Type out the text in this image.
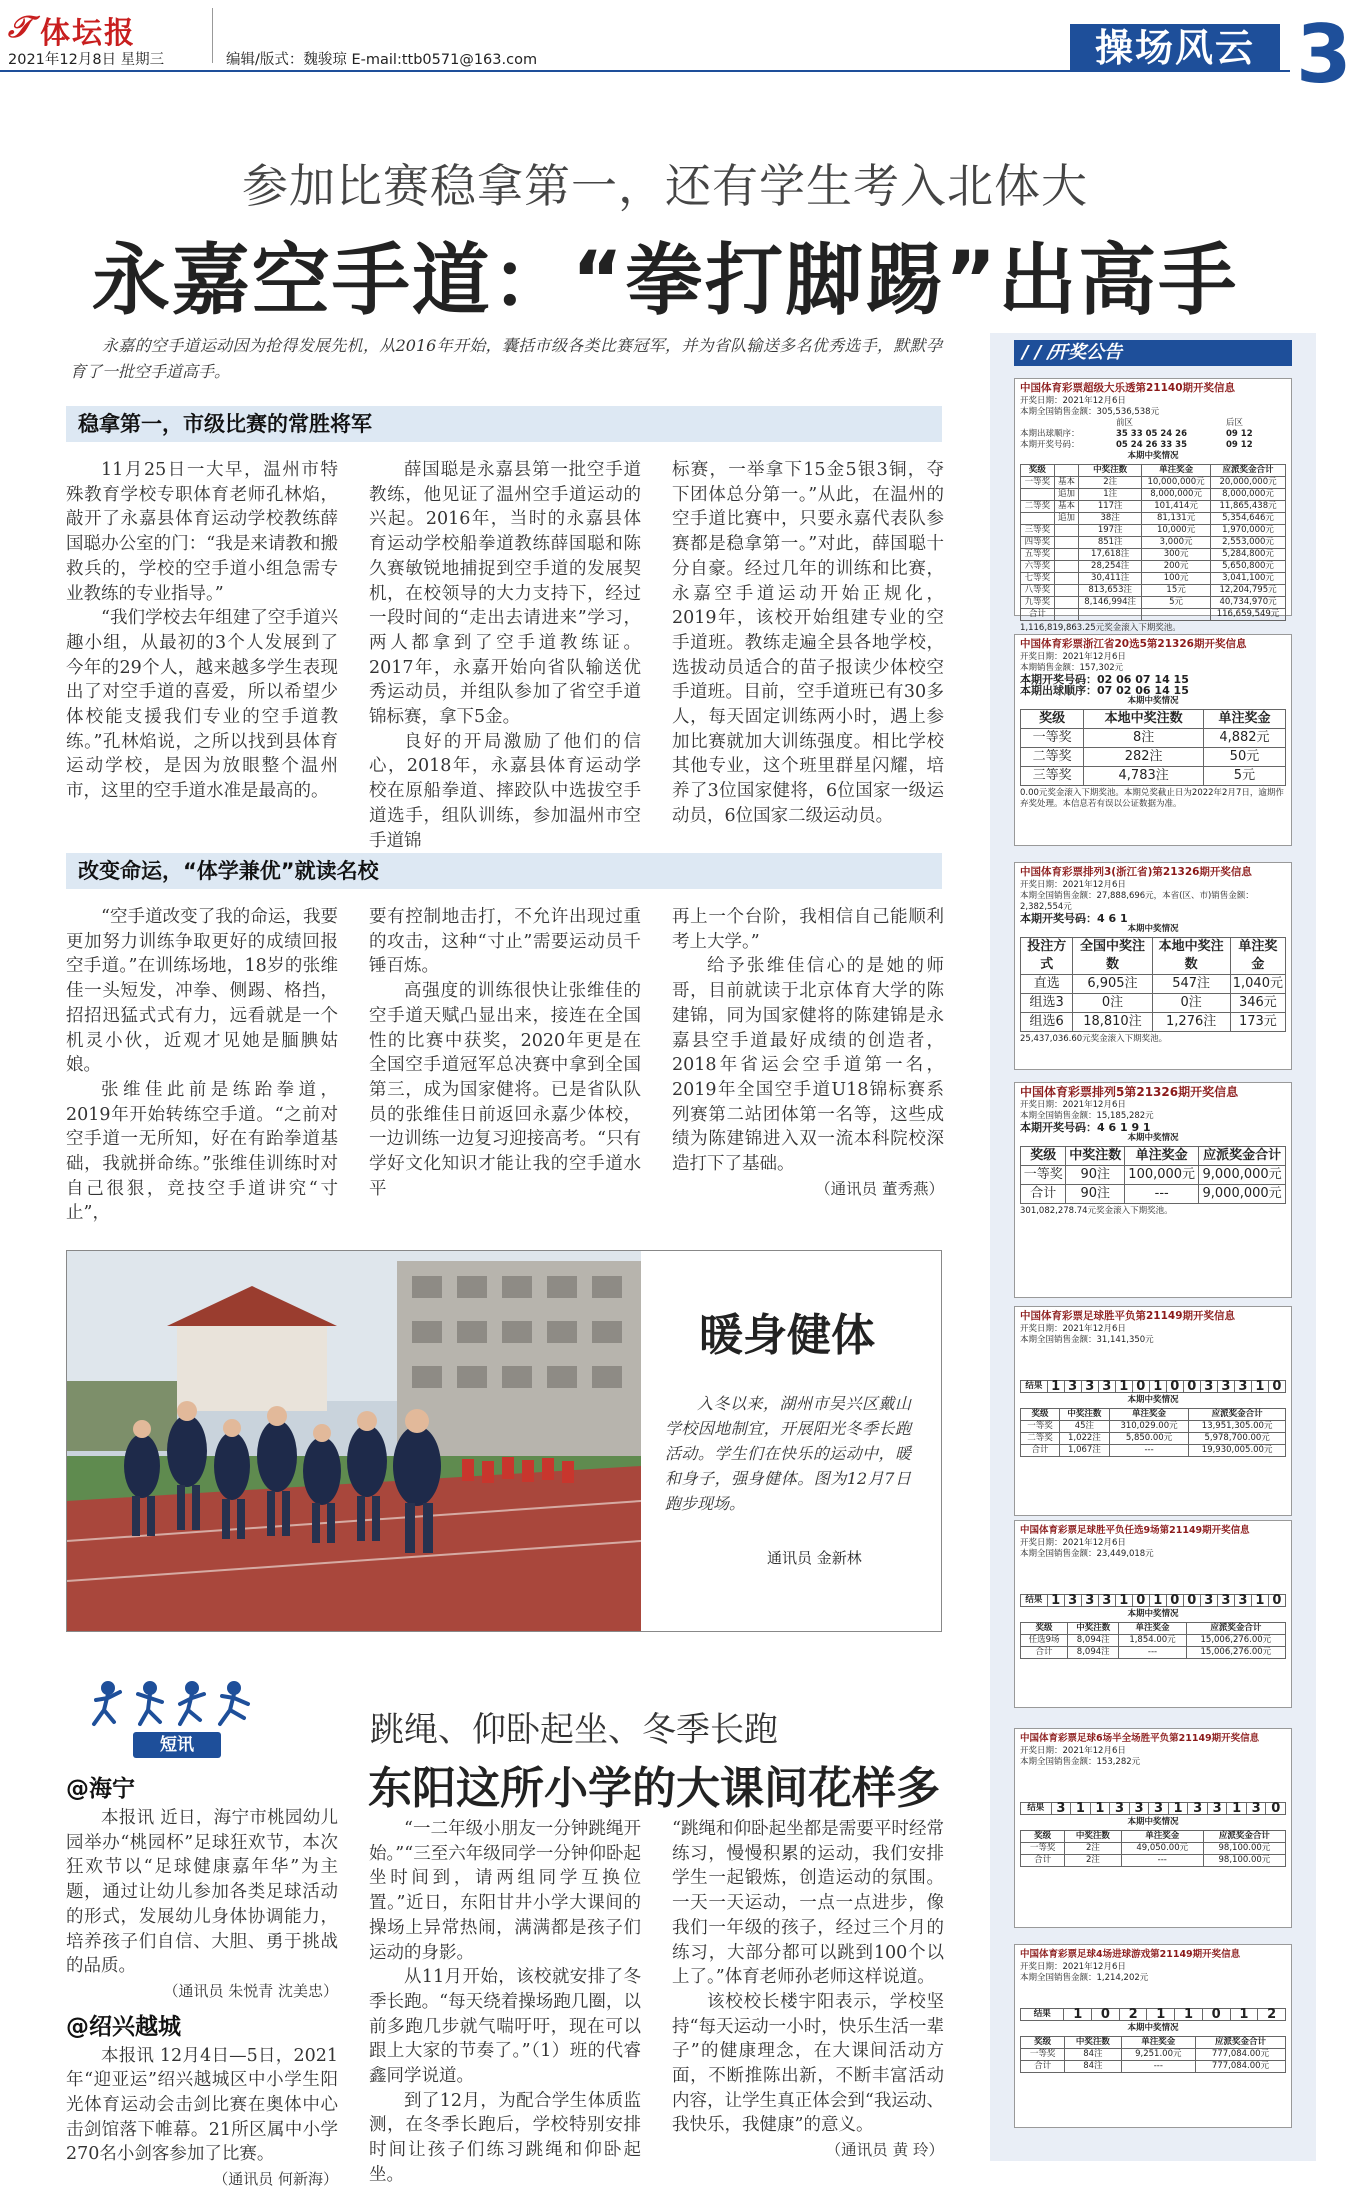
𝒯 体坛报
2021年12月8日 星期三	编辑/版式：魏骏琼 E-mail:ttb0571@163.com	操场风云 3
参加比赛稳拿第一，还有学生考入北体大
永嘉空手道：“拳打脚踢”出高手

永嘉的空手道运动因为抢得发展先机，从2016年开始，囊括市级各类比赛冠军，并为省队输送多名优秀选手，默默孕育了一批空手道高手。

稳拿第一，市级比赛的常胜将军

11月25日一大早，温州市特殊教育学校专职体育老师孔林焰，敲开了永嘉县体育运动学校教练薛国聪办公室的门：“我是来请教和搬救兵的，学校的空手道小组急需专业教练的专业指导。”

“我们学校去年组建了空手道兴趣小组，从最初的3个人发展到了今年的29个人，越来越多学生表现出了对空手道的喜爱，所以希望少体校能支援我们专业的空手道教练。”孔林焰说，之所以找到县体育运动学校，是因为放眼整个温州市，这里的空手道水准是最高的。

薛国聪是永嘉县第一批空手道教练，他见证了温州空手道运动的兴起。2016年，当时的永嘉县体育运动学校船拳道教练薛国聪和陈久赛敏锐地捕捉到空手道的发展契机，在校领导的大力支持下，经过一段时间的“走出去请进来”学习，两人都拿到了空手道教练证。2017年，永嘉开始向省队输送优秀运动员，并组队参加了省空手道锦标赛，拿下5金。

良好的开局激励了他们的信心，2018年，永嘉县体育运动学校在原船拳道、摔跤队中选拔空手道选手，组队训练，参加温州市空手道锦

标赛，一举拿下15金5银3铜，夺下团体总分第一。”从此，在温州的空手道比赛中，只要永嘉代表队参赛都是稳拿第一。”对此，薛国聪十分自豪。经过几年的训练和比赛，永嘉空手道运动开始正规化，2019年，该校开始组建专业的空手道班。教练走遍全县各地学校，选拔动员适合的苗子报读少体校空手道班。目前，空手道班已有30多人，每天固定训练两小时，遇上参加比赛就加大训练强度。相比学校其他专业，这个班里群星闪耀，培养了3位国家健将，6位国家一级运动员，6位国家二级运动员。

改变命运，“体学兼优”就读名校

“空手道改变了我的命运，我要更加努力训练争取更好的成绩回报空手道。”在训练场地，18岁的张维佳一头短发，冲拳、侧踢、格挡，招招迅猛式式有力，远看就是一个机灵小伙，近观才见她是腼腆姑娘。

张维佳此前是练跆拳道，2019年开始转练空手道。“之前对空手道一无所知，好在有跆拳道基础，我就拼命练。”张维佳训练时对自己很狠，竞技空手道讲究“寸止”，

要有控制地击打，不允许出现过重的攻击，这种“寸止”需要运动员千锤百炼。

高强度的训练很快让张维佳的空手道天赋凸显出来，接连在全国性的比赛中获奖，2020年更是在全国空手道冠军总决赛中拿到全国第三，成为国家健将。已是省队队员的张维佳日前返回永嘉少体校，一边训练一边复习迎接高考。“只有学好文化知识才能让我的空手道水平

再上一个台阶，我相信自己能顺利考上大学。”

给予张维佳信心的是她的师哥，目前就读于北京体育大学的陈建锦，同为国家健将的陈建锦是永嘉县空手道最好成绩的创造者，2018年省运会空手道第一名，2019年全国空手道U18锦标赛系列赛第二站团体第一名等，这些成绩为陈建锦进入双一流本科院校深造打下了基础。

（通讯员 董秀燕）

暖身健体
入冬以来，湖州市吴兴区戴山学校因地制宜，开展阳光冬季长跑活动。学生们在快乐的运动中，暖和身子，强身健体。图为12月7日跑步现场。
通讯员 金新林
短讯
@海宁

本报讯 近日，海宁市桃园幼儿园举办“桃园杯”足球狂欢节，本次狂欢节以“足球健康嘉年华”为主题，通过让幼儿参加各类足球活动的形式，发展幼儿身体协调能力，培养孩子们自信、大胆、勇于挑战的品质。

（通讯员 朱悦青 沈美忠）
@绍兴越城

本报讯 12月4日—5日，2021年“迎亚运”绍兴越城区中小学生阳光体育运动会击剑比赛在奥体中心击剑馆落下帷幕。21所区属中小学270名小剑客参加了比赛。

（通讯员 何新海）
跳绳、仰卧起坐、冬季长跑
东阳这所小学的大课间花样多

“一二年级小朋友一分钟跳绳开始。”“三至六年级同学一分钟仰卧起坐时间到，请两组同学互换位置。”近日，东阳甘井小学大课间的操场上异常热闹，满满都是孩子们运动的身影。

从11月开始，该校就安排了冬季长跑。“每天绕着操场跑几圈，以前多跑几步就气喘吁吁，现在可以跟上大家的节奏了。”（1）班的代睿鑫同学说道。

到了12月，为配合学生体质监测，在冬季长跑后，学校特别安排时间让孩子们练习跳绳和仰卧起坐。

“跳绳和仰卧起坐都是需要平时经常练习，慢慢积累的运动，我们安排学生一起锻炼，创造运动的氛围。一天一天运动，一点一点进步，像我们一年级的孩子，经过三个月的练习，大部分都可以跳到100个以上了。”体育老师孙老师这样说道。

该校校长楼宇阳表示，学校坚持“每天运动一小时，快乐生活一辈子”的健康理念，在大课间活动方面，不断推陈出新，不断丰富活动内容，让学生真正体会到“我运动、我快乐，我健康”的意义。

（通讯员 黄 玲）

/ / /
开奖公告
中国体育彩票超级大乐透第21140期开奖信息
开奖日期：2021年12月6日
本期全国销售金额：305,536,538元
前区	后区
本期出球顺序：	35 33 05 24 26	09 12
本期开奖号码：	05 24 26 33 35	09 12
本期中奖情况
奖级		中奖注数	单注奖金	应派奖金合计
一等奖	基本	2注	10,000,000元	20,000,000元
	追加	1注	8,000,000元	8,000,000元
二等奖	基本	117注	101,414元	11,865,438元
	追加	38注	81,131元	5,354,646元
三等奖		197注	10,000元	1,970,000元
四等奖		851注	3,000元	2,553,000元
五等奖		17,618注	300元	5,284,800元
六等奖		28,254注	200元	5,650,800元
七等奖		30,411注	100元	3,041,100元
八等奖		813,653注	15元	12,204,795元
九等奖		8,146,994注	5元	40,734,970元
合计				116,659,549元
1,116,819,863.25元奖金滚入下期奖池。
中国体育彩票浙江省20选5第21326期开奖信息
开奖日期：2021年12月6日
本期销售金额：157,302元
本期开奖号码：02 06 07 14 15
本期出球顺序：07 02 06 14 15
本期中奖情况
奖级	本地中奖注数	单注奖金
一等奖	8注	4,882元
二等奖	282注	50元
三等奖	4,783注	5元
0.00元奖金滚入下期奖池。本期兑奖截止日为2022年2月7日，逾期作弃奖处理。本信息若有误以公证数据为准。
中国体育彩票排列3(浙江省)第21326期开奖信息
开奖日期：2021年12月6日
本期全国销售金额：27,888,696元，本省(区、市)销售金额：2,382,554元
本期开奖号码：4 6 1
本期中奖情况
投注方式	全国中奖注数	本地中奖注数	单注奖金
直选	6,905注	547注	1,040元
组选3	0注	0注	346元
组选6	18,810注	1,276注	173元
25,437,036.60元奖金滚入下期奖池。
中国体育彩票排列5第21326期开奖信息
开奖日期：2021年12月6日
本期全国销售金额：15,185,282元
本期开奖号码：4 6 1 9 1
本期中奖情况
奖级	中奖注数	单注奖金	应派奖金合计
一等奖	90注	100,000元	9,000,000元
合计	90注	---	9,000,000元
301,082,278.74元奖金滚入下期奖池。
中国体育彩票足球胜平负第21149期开奖信息
开奖日期：2021年12月6日
本期全国销售金额：31,141,350元
结果	1	3	3	3	1	0	1	0	0	3	3	3	1	0
本期中奖情况
奖级	中奖注数	单注奖金	应派奖金合计
一等奖	45注	310,029.00元	13,951,305.00元
二等奖	1,022注	5,850.00元	5,978,700.00元
合计	1,067注	---	19,930,005.00元
中国体育彩票足球胜平负任选9场第21149期开奖信息
开奖日期：2021年12月6日
本期全国销售金额：23,449,018元
结果	1	3	3	3	1	0	1	0	0	3	3	3	1	0
本期中奖情况
奖级	中奖注数	单注奖金	应派奖金合计
任选9场	8,094注	1,854.00元	15,006,276.00元
合计	8,094注	---	15,006,276.00元
中国体育彩票足球6场半全场胜平负第21149期开奖信息
开奖日期：2021年12月6日
本期全国销售金额：153,282元
结果	3	1	1	3	3	3	1	3	3	1	3	0
本期中奖情况
奖级	中奖注数	单注奖金	应派奖金合计
一等奖	2注	49,050.00元	98,100.00元
合计	2注	---	98,100.00元
中国体育彩票足球4场进球游戏第21149期开奖信息
开奖日期：2021年12月6日
本期全国销售金额：1,214,202元
结果	1	0	2	1	1	0	1	2
本期中奖情况
奖级	中奖注数	单注奖金	应派奖金合计
一等奖	84注	9,251.00元	777,084.00元
合计	84注	---	777,084.00元
